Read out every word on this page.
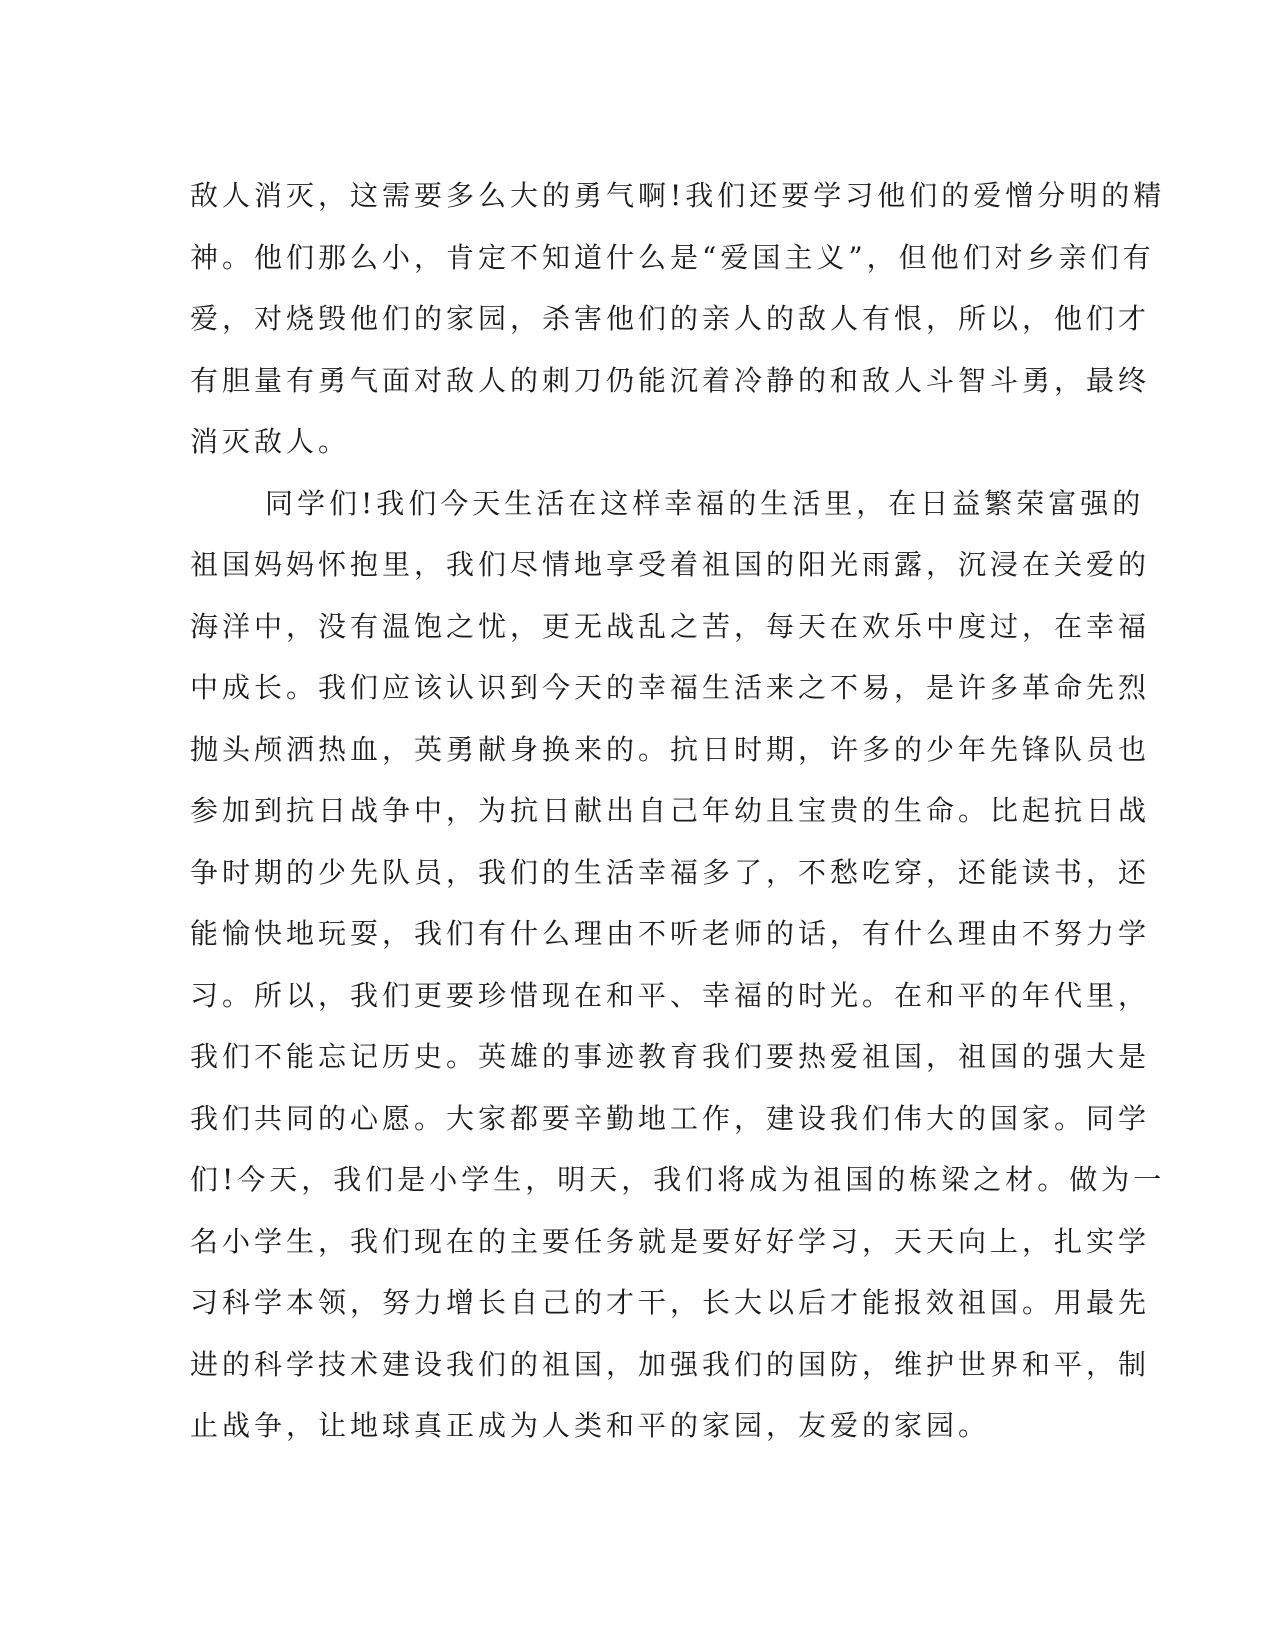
敌人消灭，这需要多么大的勇气啊!我们还要学习他们的爱憎分明的精
神。他们那么小，肯定不知道什么是“爱国主义”，但他们对乡亲们有
爱，对烧毁他们的家园，杀害他们的亲人的敌人有恨，所以，他们才
有胆量有勇气面对敌人的刺刀仍能沉着冷静的和敌人斗智斗勇，最终
消灭敌人。
同学们!我们今天生活在这样幸福的生活里，在日益繁荣富强的
祖国妈妈怀抱里，我们尽情地享受着祖国的阳光雨露，沉浸在关爱的
海洋中，没有温饱之忧，更无战乱之苦，每天在欢乐中度过，在幸福
中成长。我们应该认识到今天的幸福生活来之不易，是许多革命先烈
抛头颅洒热血，英勇献身换来的。抗日时期，许多的少年先锋队员也
参加到抗日战争中，为抗日献出自己年幼且宝贵的生命。比起抗日战
争时期的少先队员，我们的生活幸福多了，不愁吃穿，还能读书，还
能愉快地玩耍，我们有什么理由不听老师的话，有什么理由不努力学
习。所以，我们更要珍惜现在和平、幸福的时光。在和平的年代里，
我们不能忘记历史。英雄的事迹教育我们要热爱祖国，祖国的强大是
我们共同的心愿。大家都要辛勤地工作，建设我们伟大的国家。同学
们!今天，我们是小学生，明天，我们将成为祖国的栋梁之材。做为一
名小学生，我们现在的主要任务就是要好好学习，天天向上，扎实学
习科学本领，努力增长自己的才干，长大以后才能报效祖国。用最先
进的科学技术建设我们的祖国，加强我们的国防，维护世界和平，制
止战争，让地球真正成为人类和平的家园，友爱的家园。
